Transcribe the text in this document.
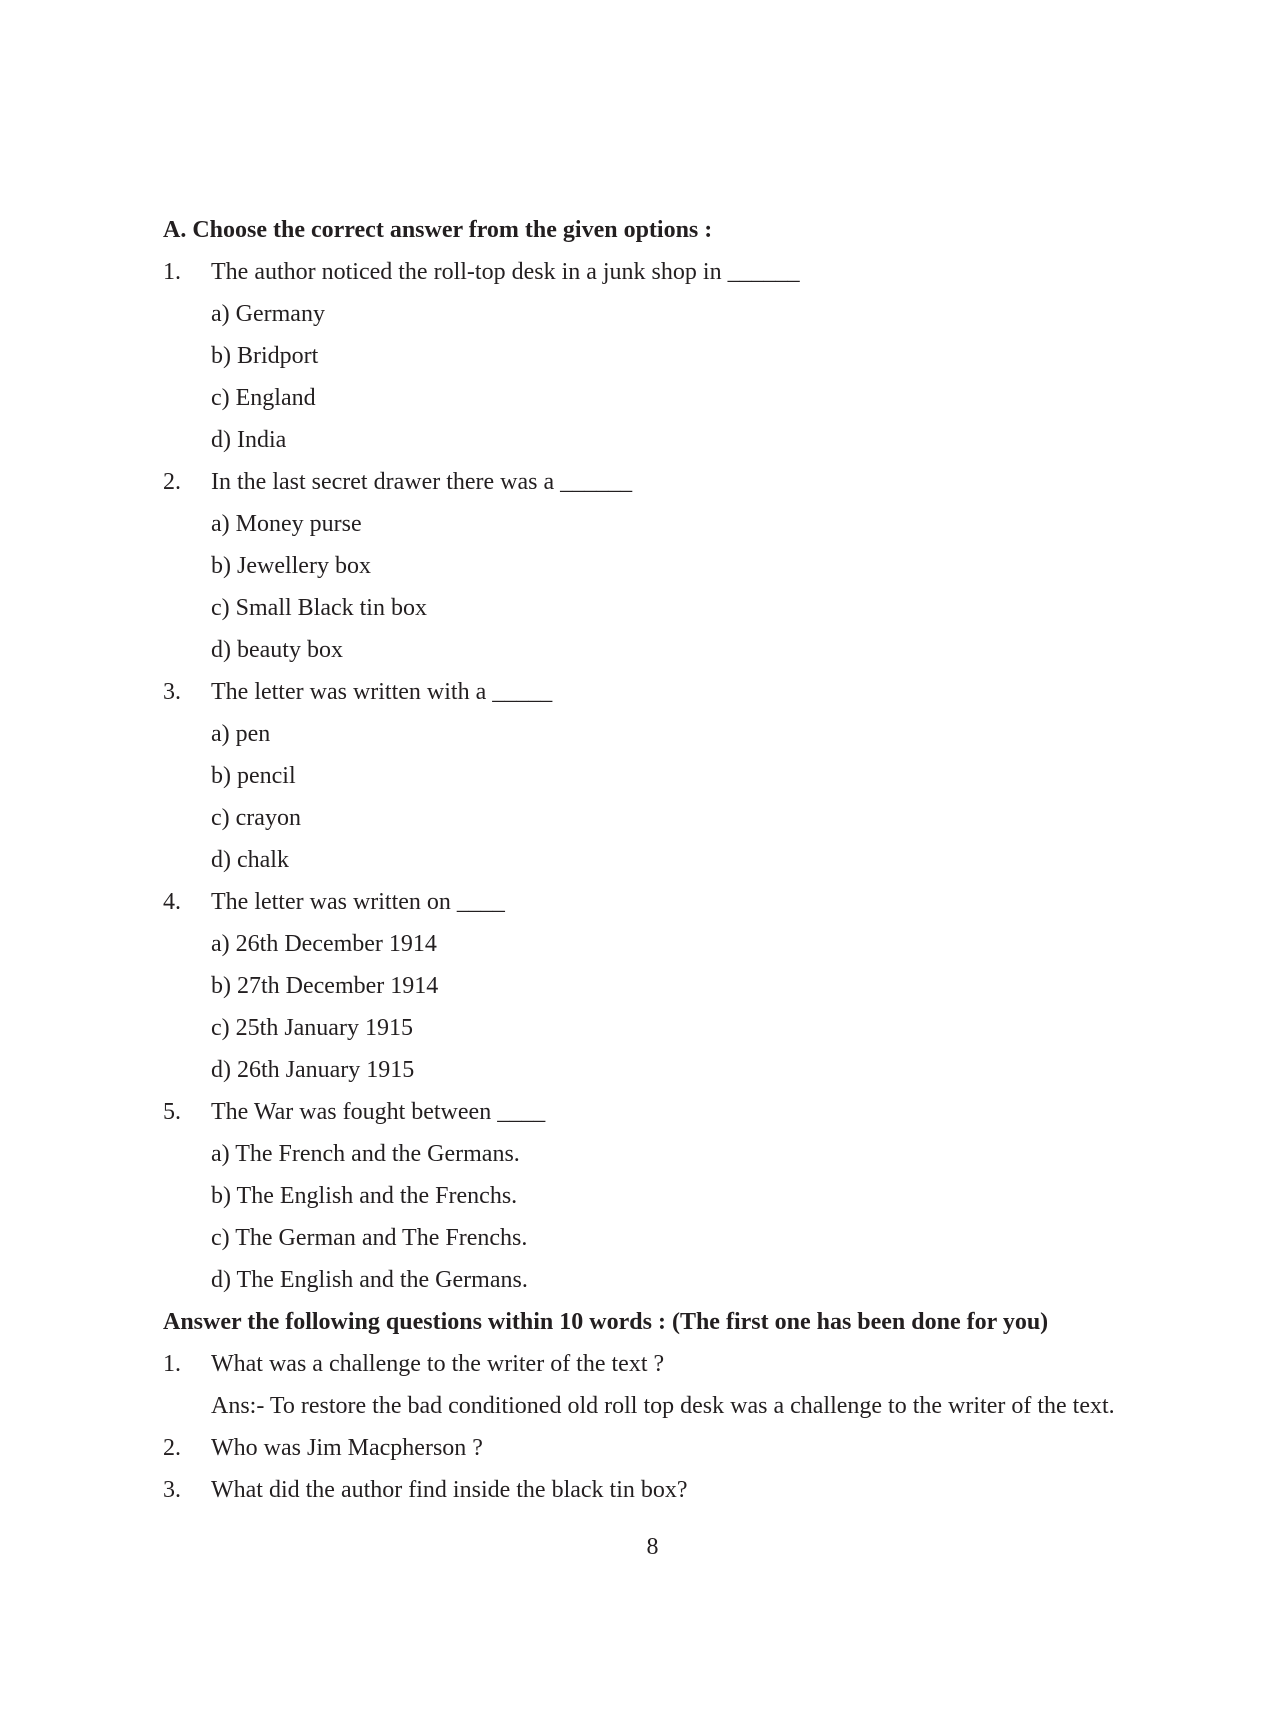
A. Choose the correct answer from the given options :
1. The author noticed the roll-top desk in a junk shop in ______
a) Germany
b) Bridport
c) England
d) India
2. In the last secret drawer there was a ______
a) Money purse
b) Jewellery box
c) Small Black tin box
d) beauty box
3. The letter was written with a _____
a) pen
b) pencil
c) crayon
d) chalk
4. The letter was written on ____
a) 26th December 1914
b) 27th December 1914
c) 25th January 1915
d) 26th January 1915
5. The War was fought between ____
a) The French and the Germans.
b) The English and the Frenchs.
c) The German and The Frenchs.
d) The English and the Germans.
Answer the following questions within 10 words : (The first one has been done for you)
1. What was a challenge to the writer of the text ?
Ans:- To restore the bad conditioned old roll top desk was a challenge to the writer of the text.
2. Who was Jim Macpherson ?
3. What did the author find inside the black tin box?
8
